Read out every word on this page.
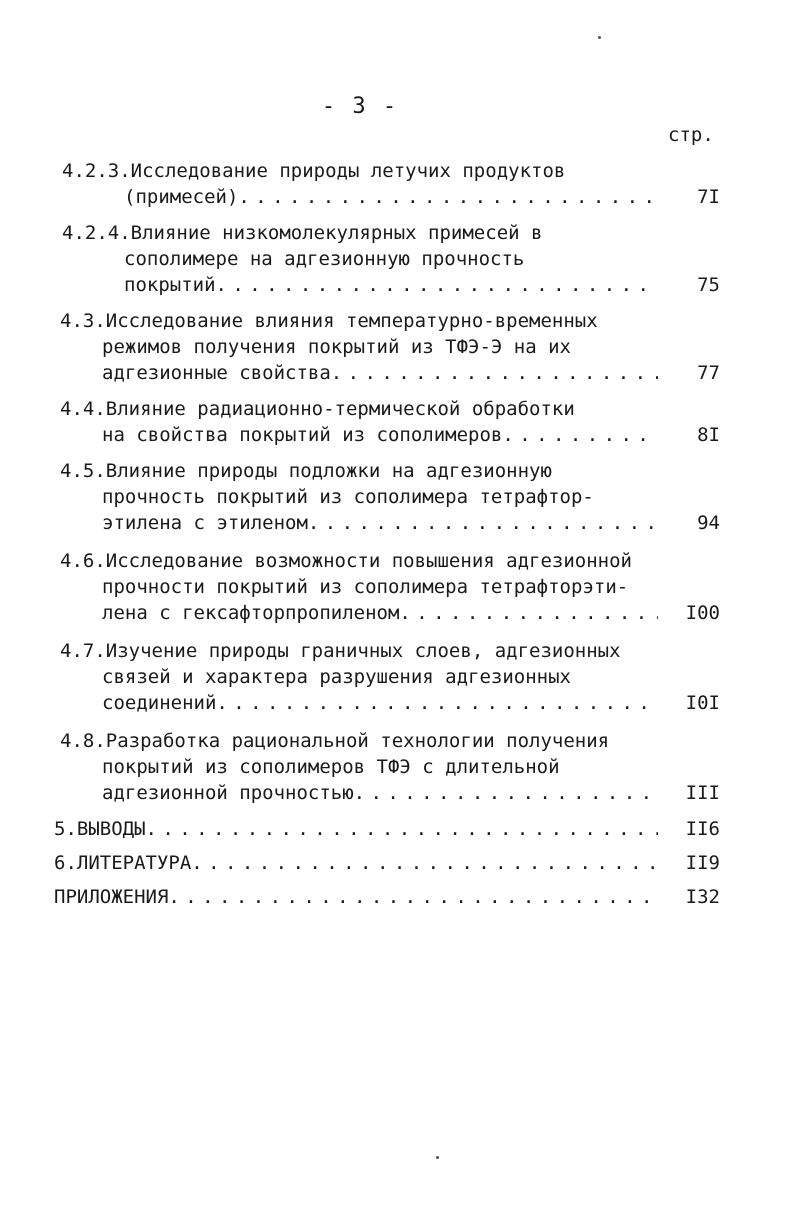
- 3 -
стр.
4.2.3.Исследование природы летучих продуктов
(примесей) . . .	7I
4.2.4.Влияние низкомолекулярных примесей в
сополимере на адгезионную прочность
покрытий . . .	75
4.3.Исследование влияния температурно-временных
режимов получения покрытий из ТФЭ-Э на их
адгезионные свойства . . .	77
4.4.Влияние радиационно-термической обработки
на свойства покрытий из сополимеров . . .	8I
4.5.Влияние природы подложки на адгезионную
прочность покрытий из сополимера тетрафтор-
этилена с этиленом . . .	94
4.6.Исследование возможности повышения адгезионной
прочности покрытий из сополимера тетрафторэти-
лена с гексафторпропиленом . . .	I00
4.7.Изучение природы граничных слоев, адгезионных
связей и характера разрушения адгезионных
соединений . . .	I0I
4.8.Разработка рациональной технологии получения
покрытий из сополимеров ТФЭ с длительной
адгезионной прочностью . . .	III
5.ВЫВОДЫ . . .	II6
6.ЛИТЕРАТУРА . . .	II9
ПРИЛОЖЕНИЯ . . .	I32
